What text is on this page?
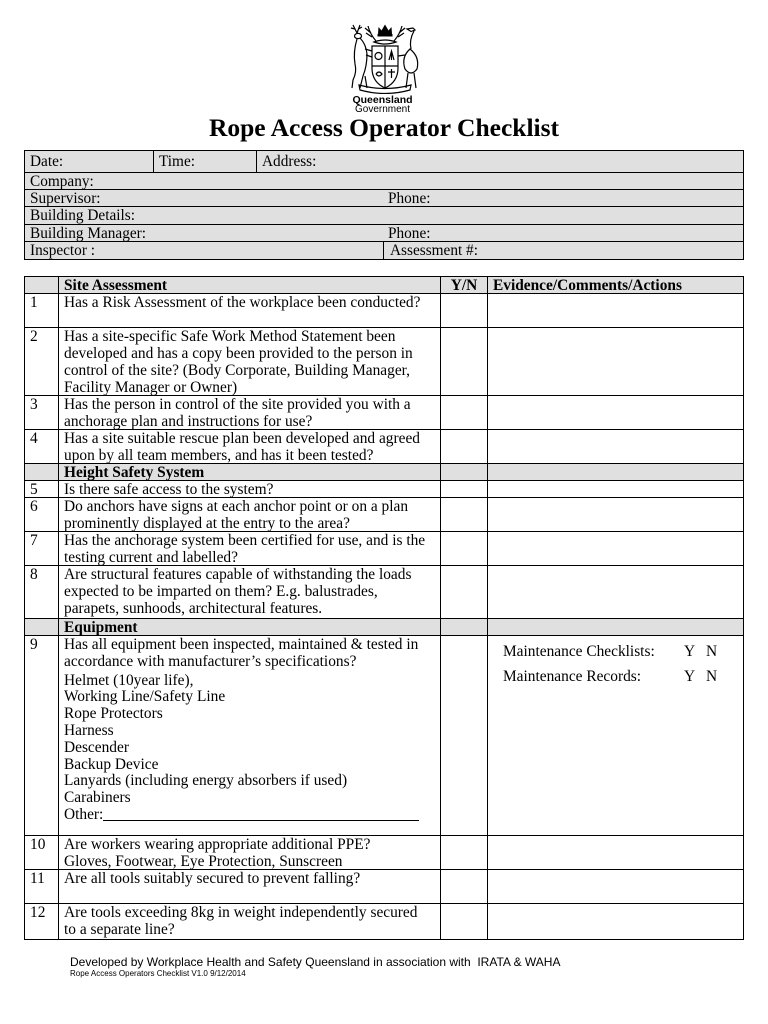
Queensland
Government
Rope Access Operator Checklist
Date:	Time:	Address:
Company:
Supervisor:	Phone:
Building Details:
Building Manager:	Phone:
Inspector :	Assessment #:
Site Assessment	Y/N	Evidence/Comments/Actions
1	Has a Risk Assessment of the workplace been conducted?
2	Has a site-specific Safe Work Method Statement been
developed and has a copy been provided to the person in
control of the site? (Body Corporate, Building Manager,
Facility Manager or Owner)
3	Has the person in control of the site provided you with a
anchorage plan and instructions for use?
4	Has a site suitable rescue plan been developed and agreed
upon by all team members, and has it been tested?
Height Safety System
5	Is there safe access to the system?
6	Do anchors have signs at each anchor point or on a plan
prominently displayed at the entry to the area?
7	Has the anchorage system been certified for use, and is the
testing current and labelled?
8	Are structural features capable of withstanding the loads
expected to be imparted on them? E.g. balustrades,
parapets, sunhoods, architectural features.
Equipment
9	Has all equipment been inspected, maintained & tested in
accordance with manufacturer’s specifications?
Helmet (10year life),
Working Line/Safety Line
Rope Protectors
Harness
Descender
Backup Device
Lanyards (including energy absorbers if used)
Carabiners
Other:
Maintenance Checklists:	Y N
Maintenance Records:	Y N
10	Are workers wearing appropriate additional PPE?
Gloves, Footwear, Eye Protection, Sunscreen
11	Are all tools suitably secured to prevent falling?
12	Are tools exceeding 8kg in weight independently secured
to a separate line?
Developed by Workplace Health and Safety Queensland in association with  IRATA & WAHA
Rope Access Operators Checklist V1.0 9/12/2014
